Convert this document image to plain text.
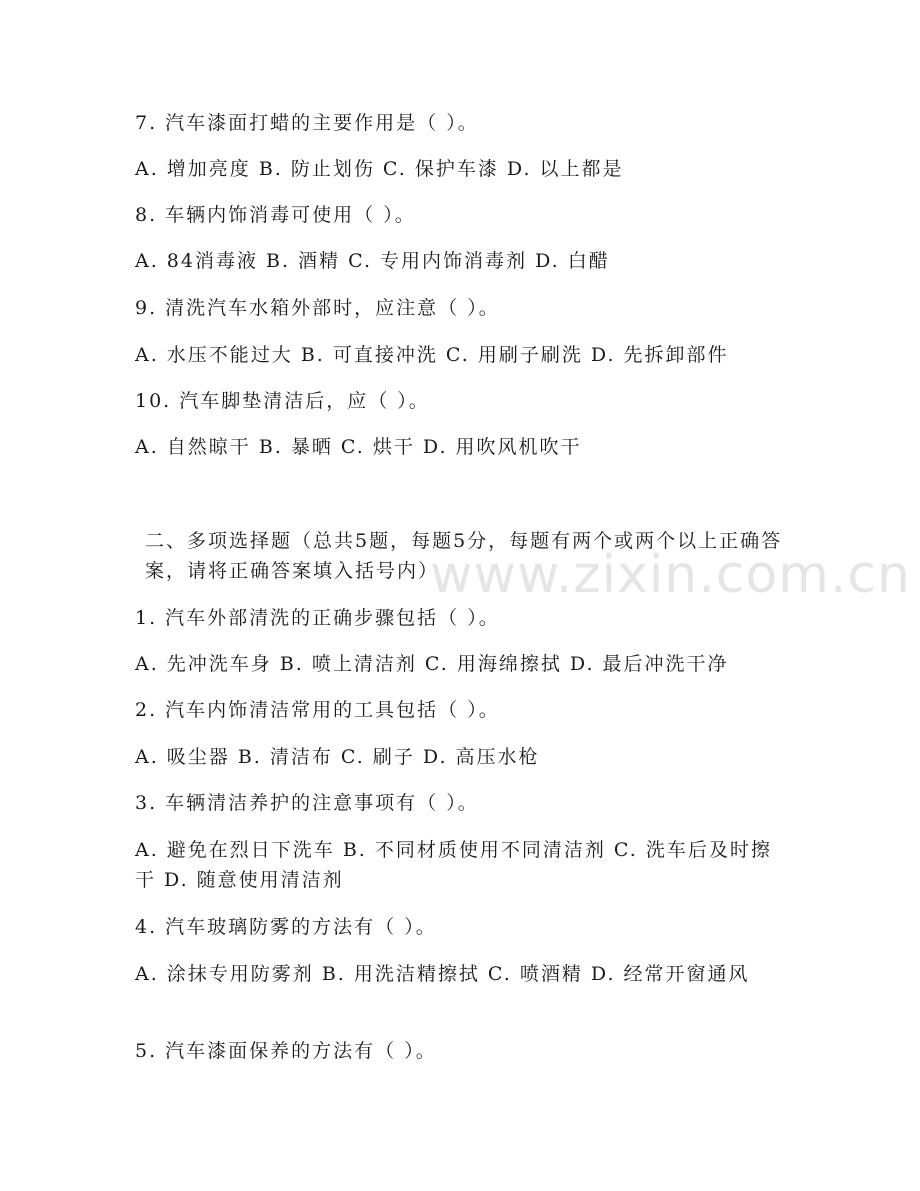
7. 汽车漆面打蜡的主要作用是（ ）。
A. 增加亮度 B. 防止划伤 C. 保护车漆 D. 以上都是
8. 车辆内饰消毒可使用（ ）。
A. 84消毒液 B. 酒精 C. 专用内饰消毒剂 D. 白醋
9. 清洗汽车水箱外部时，应注意（ ）。
A. 水压不能过大 B. 可直接冲洗 C. 用刷子刷洗 D. 先拆卸部件
10. 汽车脚垫清洁后，应（ ）。
A. 自然晾干 B. 暴晒 C. 烘干 D. 用吹风机吹干
二、多项选择题（总共5题，每题5分，每题有两个或两个以上正确答案，请将正确答案填入括号内）
1. 汽车外部清洗的正确步骤包括（ ）。
A. 先冲洗车身 B. 喷上清洁剂 C. 用海绵擦拭 D. 最后冲洗干净
2. 汽车内饰清洁常用的工具包括（ ）。
A. 吸尘器 B. 清洁布 C. 刷子 D. 高压水枪
3. 车辆清洁养护的注意事项有（ ）。
A. 避免在烈日下洗车 B. 不同材质使用不同清洁剂 C. 洗车后及时擦干 D. 随意使用清洁剂
4. 汽车玻璃防雾的方法有（ ）。
A. 涂抹专用防雾剂 B. 用洗洁精擦拭 C. 喷酒精 D. 经常开窗通风
5. 汽车漆面保养的方法有（ ）。
www.zixin.com.cn
